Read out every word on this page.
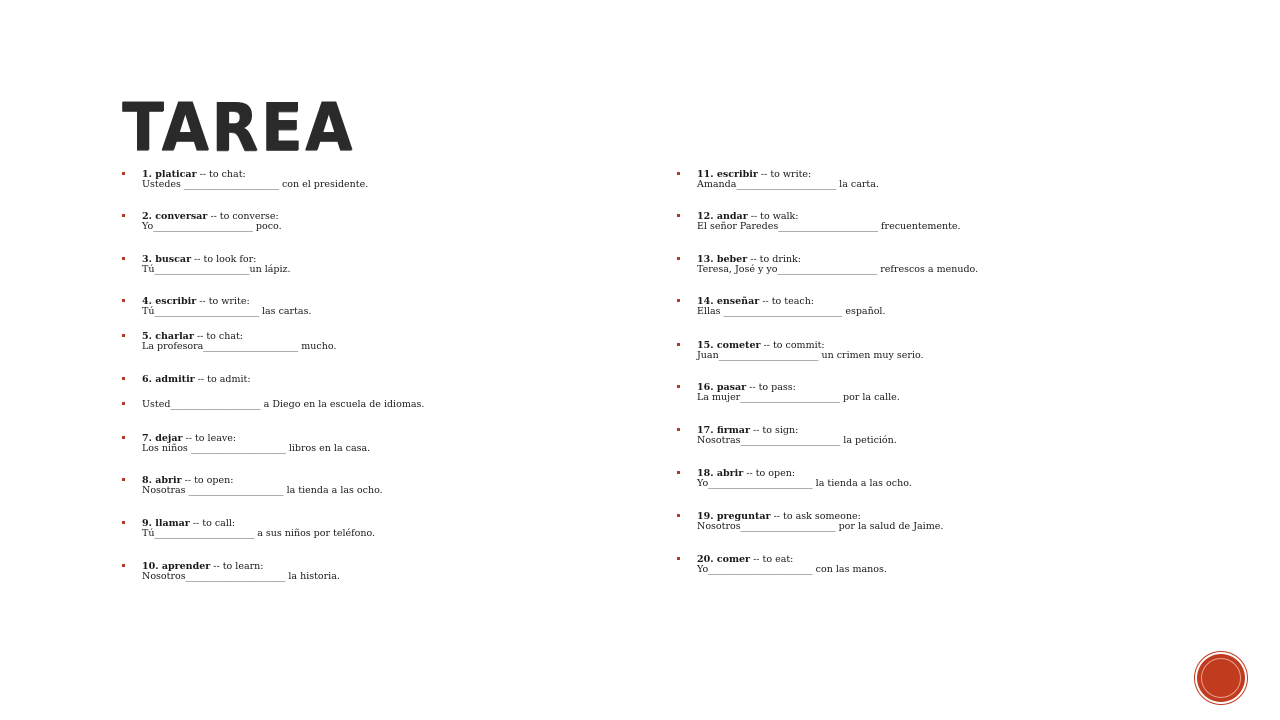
TAREA
1. platicar -- to chat:
Ustedes ____________________ con el presidente.
2. conversar -- to converse:
Yo_____________________ poco.
3. buscar -- to look for:
Tú____________________un lápiz.
4. escribir -- to write:
Tú______________________ las cartas.
5. charlar -- to chat:
La profesora____________________ mucho.
6. admitir -- to admit:
Usted___________________ a Diego en la escuela de idiomas.
7. dejar -- to leave:
Los niños ____________________ libros en la casa.
8. abrir -- to open:
Nosotras ____________________ la tienda a las ocho.
9. llamar -- to call:
Tú_____________________ a sus niños por teléfono.
10. aprender -- to learn:
Nosotros_____________________ la historia.
11. escribir -- to write:
Amanda_____________________ la carta.
12. andar -- to walk:
El señor Paredes_____________________ frecuentemente.
13. beber -- to drink:
Teresa, José y yo_____________________ refrescos a menudo.
14. enseñar -- to teach:
Ellas _________________________ español.
15. cometer -- to commit:
Juan_____________________ un crimen muy serio.
16. pasar -- to pass:
La mujer_____________________ por la calle.
17. firmar -- to sign:
Nosotras_____________________ la petición.
18. abrir -- to open:
Yo______________________ la tienda a las ocho.
19. preguntar -- to ask someone:
Nosotros____________________ por la salud de Jaime.
20. comer -- to eat:
Yo______________________ con las manos.
